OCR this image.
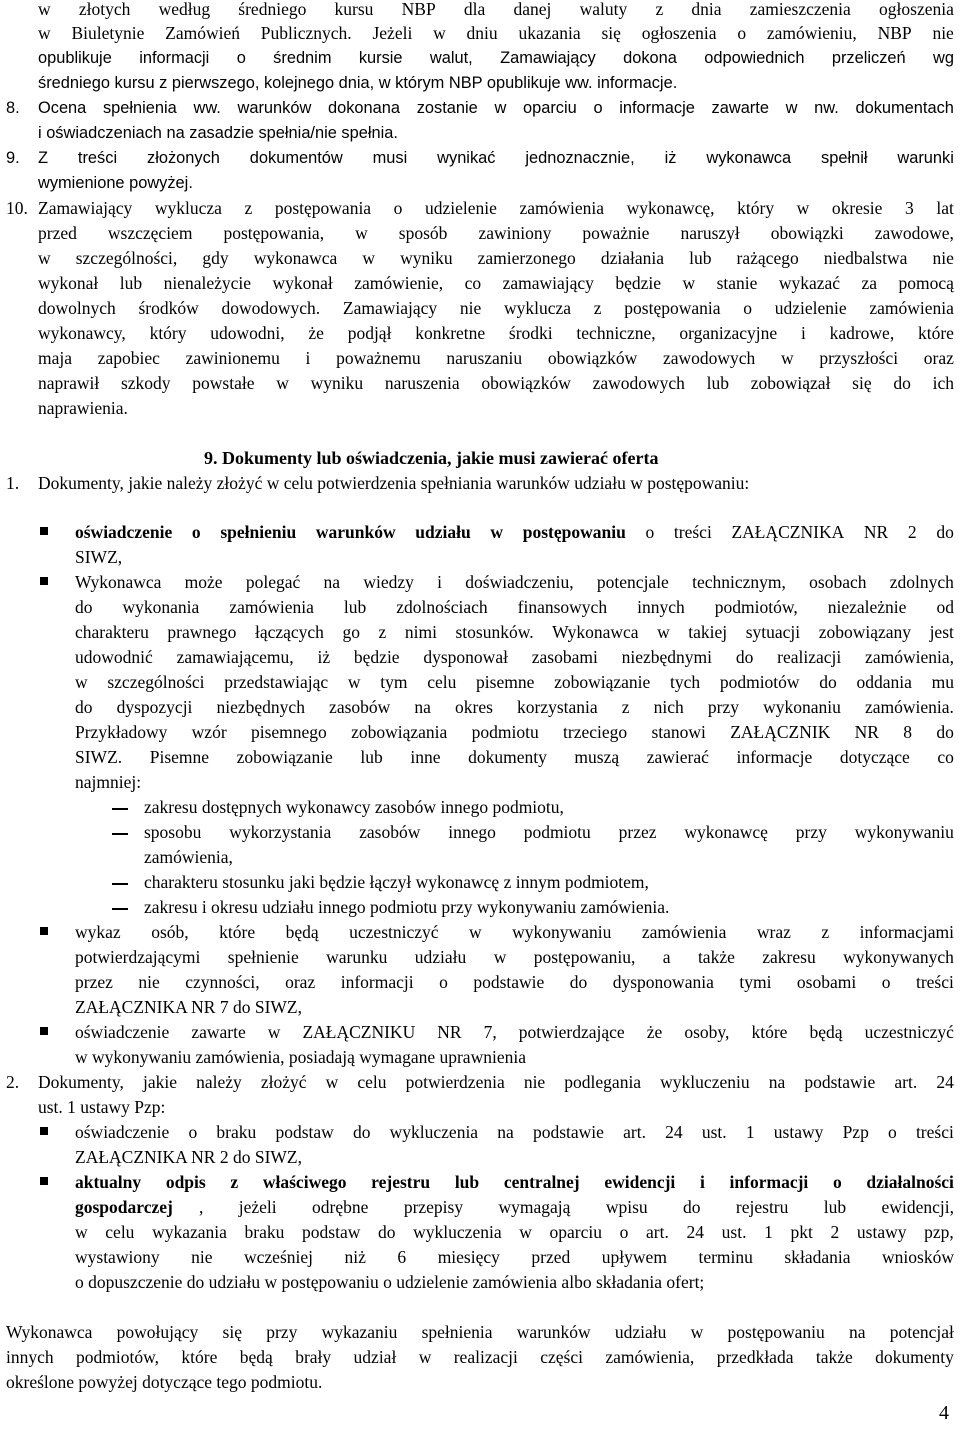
w złotych według średniego kursu NBP dla danej waluty z dnia zamieszczenia ogłoszenia
w Biuletynie Zamówień Publicznych. Jeżeli w dniu ukazania się ogłoszenia o zamówieniu, NBP nie
opublikuje informacji o średnim kursie walut, Zamawiający dokona odpowiednich przeliczeń wg
średniego kursu z pierwszego, kolejnego dnia, w którym NBP opublikuje ww. informacje.
8. Ocena spełnienia ww. warunków dokonana zostanie w oparciu o informacje zawarte w nw. dokumentach
i oświadczeniach na zasadzie spełnia/nie spełnia.
9. Z treści złożonych dokumentów musi wynikać jednoznacznie, iż wykonawca spełnił warunki
wymienione powyżej.
10. Zamawiający wyklucza z postępowania o udzielenie zamówienia wykonawcę, który w okresie 3 lat
przed wszczęciem postępowania, w sposób zawiniony poważnie naruszył obowiązki zawodowe,
w szczególności, gdy wykonawca w wyniku zamierzonego działania lub rażącego niedbalstwa nie
wykonał lub nienależycie wykonał zamówienie, co zamawiający będzie w stanie wykazać za pomocą
dowolnych środków dowodowych. Zamawiający nie wyklucza z postępowania o udzielenie zamówienia
wykonawcy, który udowodni, że podjął konkretne środki techniczne, organizacyjne i kadrowe, które
maja zapobiec zawinionemu i poważnemu naruszaniu obowiązków zawodowych w przyszłości oraz
naprawił szkody powstałe w wyniku naruszenia obowiązków zawodowych lub zobowiązał się do ich
naprawienia.
9. Dokumenty lub oświadczenia, jakie musi zawierać oferta
1. Dokumenty, jakie należy złożyć w celu potwierdzenia spełniania warunków udziału w postępowaniu:
oświadczenie o spełnieniu warunków udziału w postępowaniu o treści ZAŁĄCZNIKA NR 2 do
SIWZ,
Wykonawca może polegać na wiedzy i doświadczeniu, potencjale technicznym, osobach zdolnych
do wykonania zamówienia lub zdolnościach finansowych innych podmiotów, niezależnie od
charakteru prawnego łączących go z nimi stosunków. Wykonawca w takiej sytuacji zobowiązany jest
udowodnić zamawiającemu, iż będzie dysponował zasobami niezbędnymi do realizacji zamówienia,
w szczególności przedstawiając w tym celu pisemne zobowiązanie tych podmiotów do oddania mu
do dyspozycji niezbędnych zasobów na okres korzystania z nich przy wykonaniu zamówienia.
Przykładowy wzór pisemnego zobowiązania podmiotu trzeciego stanowi ZAŁĄCZNIK NR 8 do
SIWZ. Pisemne zobowiązanie lub inne dokumenty muszą zawierać informacje dotyczące co
najmniej:
zakresu dostępnych wykonawcy zasobów innego podmiotu,
sposobu wykorzystania zasobów innego podmiotu przez wykonawcę przy wykonywaniu
zamówienia,
charakteru stosunku jaki będzie łączył wykonawcę z innym podmiotem,
zakresu i okresu udziału innego podmiotu przy wykonywaniu zamówienia.
wykaz osób, które będą uczestniczyć w wykonywaniu zamówienia wraz z informacjami
potwierdzającymi spełnienie warunku udziału w postępowaniu, a także zakresu wykonywanych
przez nie czynności, oraz informacji o podstawie do dysponowania tymi osobami o treści
ZAŁĄCZNIKA NR 7 do SIWZ,
oświadczenie zawarte w ZAŁĄCZNIKU NR 7, potwierdzające że osoby, które będą uczestniczyć
w wykonywaniu zamówienia, posiadają wymagane uprawnienia
2. Dokumenty, jakie należy złożyć w celu potwierdzenia nie podlegania wykluczeniu na podstawie art. 24
ust. 1 ustawy Pzp:
oświadczenie o braku podstaw do wykluczenia na podstawie art. 24 ust. 1 ustawy Pzp o treści
ZAŁĄCZNIKA NR 2 do SIWZ,
aktualny odpis z właściwego rejestru lub centralnej ewidencji i informacji o działalności
gospodarczej , jeżeli odrębne przepisy wymagają wpisu do rejestru lub ewidencji,
w celu wykazania braku podstaw do wykluczenia w oparciu o art. 24 ust. 1 pkt 2 ustawy pzp,
wystawiony nie wcześniej niż 6 miesięcy przed upływem terminu składania wniosków
o dopuszczenie do udziału w postępowaniu o udzielenie zamówienia albo składania ofert;
Wykonawca powołujący się przy wykazaniu spełnienia warunków udziału w postępowaniu na potencjał
innych podmiotów, które będą brały udział w realizacji części zamówienia, przedkłada także dokumenty
określone powyżej dotyczące tego podmiotu.
4
